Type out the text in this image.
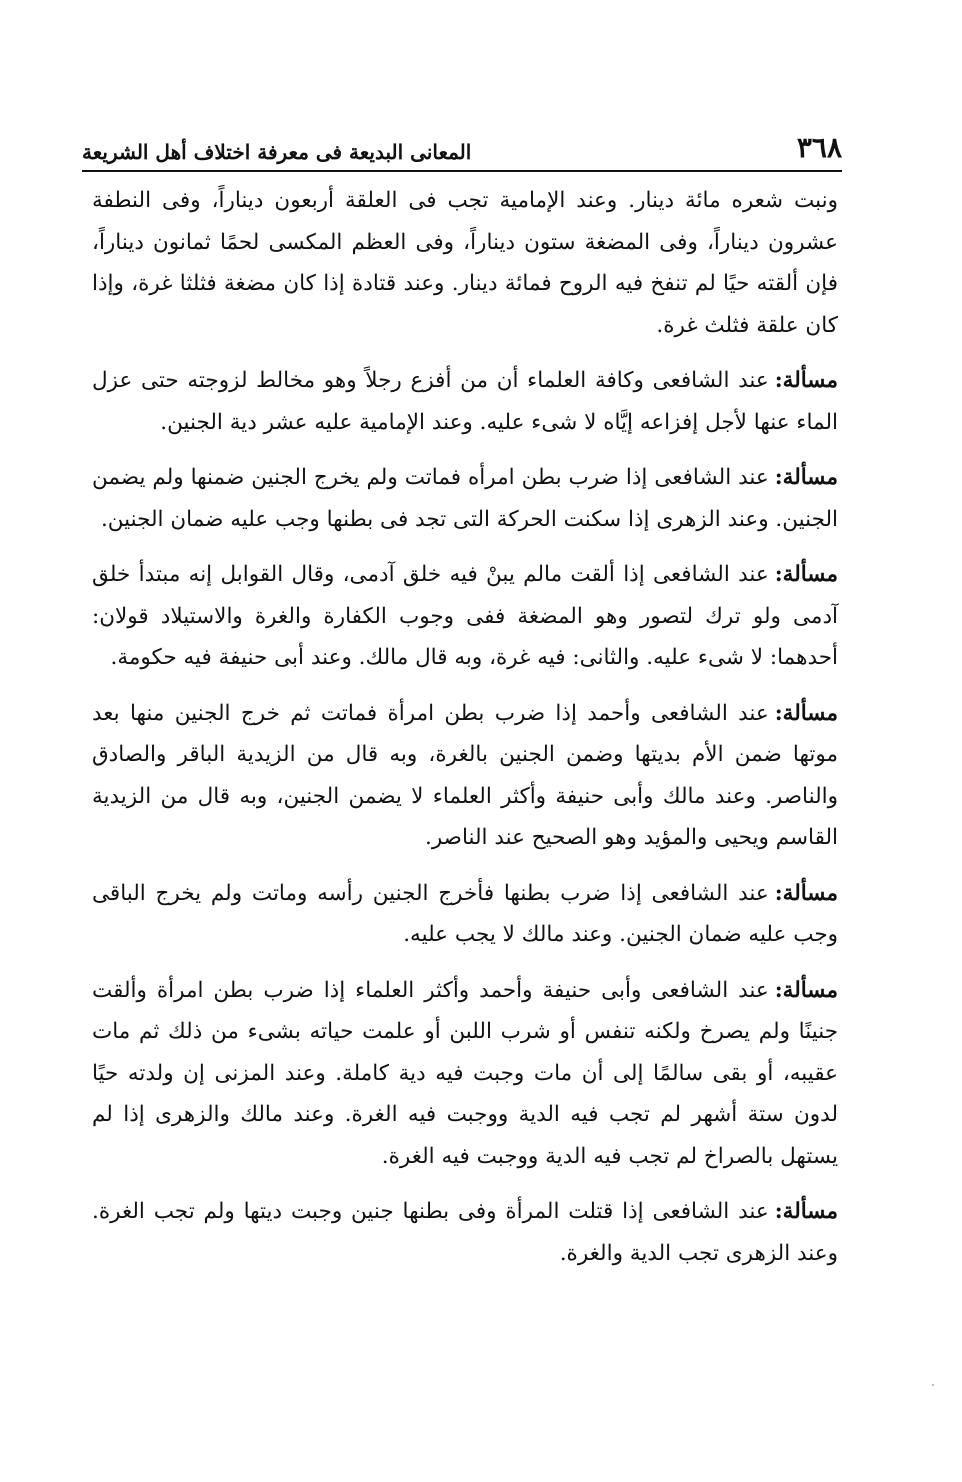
٣٦٨
المعانى البديعة فى معرفة اختلاف أهل الشريعة

ونبت شعره مائة دينار. وعند الإمامية تجب فى العلقة أربعون ديناراً، وفى النطفة عشرون ديناراً، وفى المضغة ستون ديناراً، وفى العظم المكسى لحمًا ثمانون ديناراً، فإن ألقته حيًا لم تنفخ فيه الروح فمائة دينار. وعند قتادة إذا كان مضغة فثلثا غرة، وإذا كان علقة فثلث غرة.

مسألة:عند الشافعى وكافة العلماء أن من أفزع رجلاً وهو مخالط لزوجته حتى عزل الماء عنها لأجل إفزاعه إيَّاه لا شىء عليه. وعند الإمامية عليه عشر دية الجنين.

مسألة:عند الشافعى إذا ضرب بطن امرأه فماتت ولم يخرج الجنين ضمنها ولم يضمن الجنين. وعند الزهرى إذا سكنت الحركة التى تجد فى بطنها وجب عليه ضمان الجنين.

مسألة:عند الشافعى إذا ألقت مالم يبنْ فيه خلق آدمى، وقال القوابل إنه مبتدأ خلق آدمى ولو ترك لتصور وهو المضغة ففى وجوب الكفارة والغرة والاستيلاد قولان: أحدهما: لا شىء عليه. والثانى: فيه غرة، وبه قال مالك. وعند أبى حنيفة فيه حكومة.

مسألة:عند الشافعى وأحمد إذا ضرب بطن امرأة فماتت ثم خرج الجنين منها بعد موتها ضمن الأم بديتها وضمن الجنين بالغرة، وبه قال من الزيدية الباقر والصادق والناصر. وعند مالك وأبى حنيفة وأكثر العلماء لا يضمن الجنين، وبه قال من الزيدية القاسم ويحيى والمؤيد وهو الصحيح عند الناصر.

مسألة:عند الشافعى إذا ضرب بطنها فأخرج الجنين رأسه وماتت ولم يخرج الباقى وجب عليه ضمان الجنين. وعند مالك لا يجب عليه.

مسألة:عند الشافعى وأبى حنيفة وأحمد وأكثر العلماء إذا ضرب بطن امرأة وألقت جنينًا ولم يصرخ ولكنه تنفس أو شرب اللبن أو علمت حياته بشىء من ذلك ثم مات عقيبه، أو بقى سالمًا إلى أن مات وجبت فيه دية كاملة. وعند المزنى إن ولدته حيًا لدون ستة أشهر لم تجب فيه الدية ووجبت فيه الغرة. وعند مالك والزهرى إذا لم يستهل بالصراخ لم تجب فيه الدية ووجبت فيه الغرة.

مسألة:عند الشافعى إذا قتلت المرأة وفى بطنها جنين وجبت ديتها ولم تجب الغرة. وعند الزهرى تجب الدية والغرة.
